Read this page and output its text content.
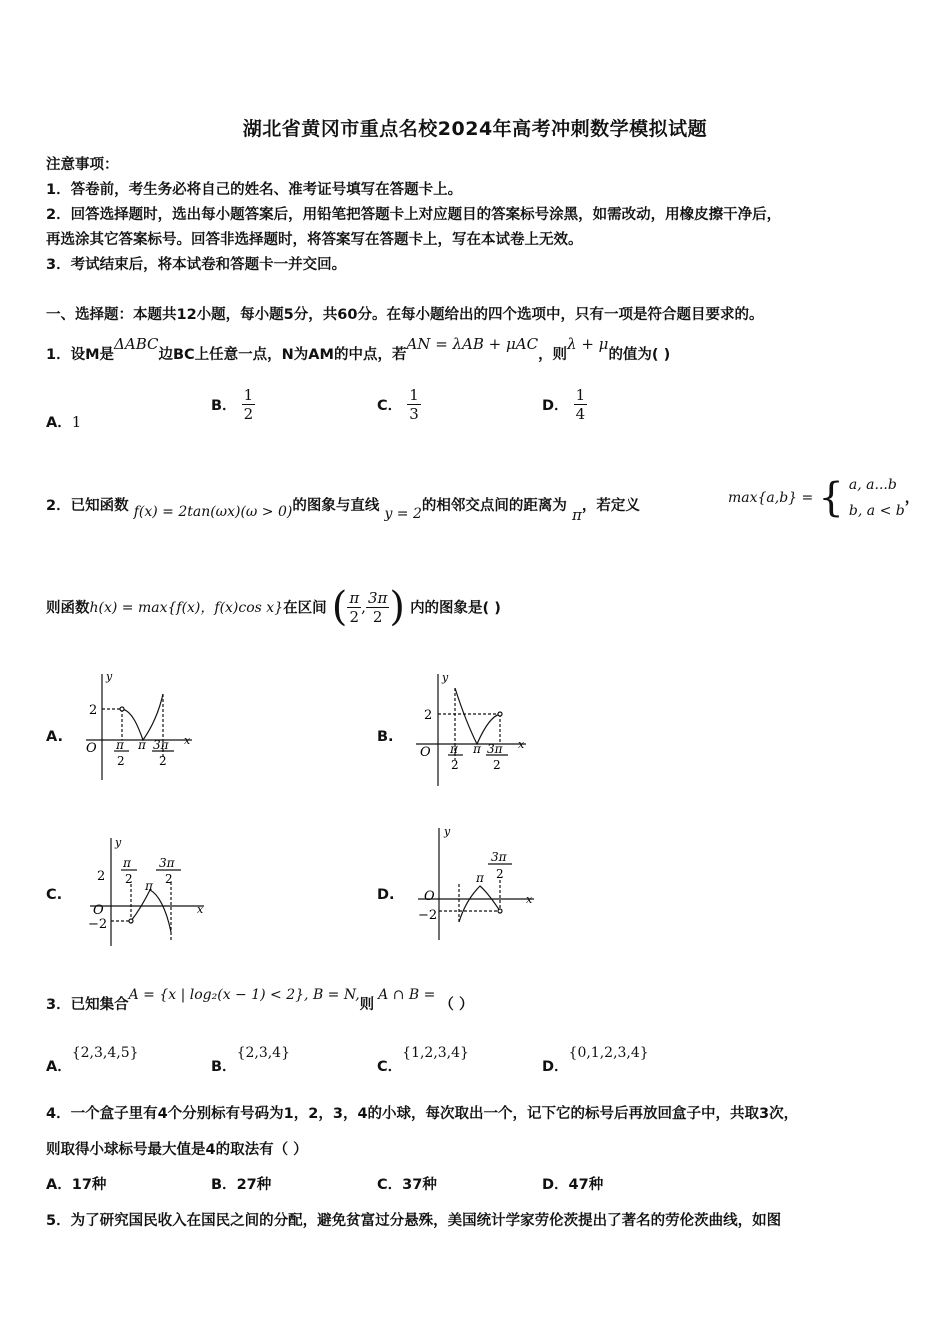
湖北省黄冈市重点名校2024年高考冲刺数学模拟试题
注意事项：
1．答卷前，考生务必将自己的姓名、准考证号填写在答题卡上。
2．回答选择题时，选出每小题答案后，用铅笔把答题卡上对应题目的答案标号涂黑，如需改动，用橡皮擦干净后，
再选涂其它答案标号。回答非选择题时，将答案写在答题卡上，写在本试卷上无效。
3．考试结束后，将本试卷和答题卡一并交回。
一、选择题：本题共12小题，每小题5分，共60分。在每小题给出的四个选项中，只有一项是符合题目要求的。
1．设M是ΔABC边BC上任意一点，N为AM的中点，若AN = λAB + μAC，则λ + μ的值为( )
A．1
B． $\frac{1}{2}$	C． $\frac{1}{3}$	D． $\frac{1}{4}$
2．已知函数 f(x) = 2tan(ωx)(ω > 0)的图象与直线 y = 2的相邻交点间的距离为 π，若定义	max{a,b} = { a, a...b
b, a < b
，
则函数h(x) = max{f(x)，f(x)cos x}在区间 ( $\frac{\pi}{2}$ , $\frac{3\pi}{2}$ ) 内的图象是( )
A.
y
x
O
2
π
2
π 3π
2
B.
y
x
O
2
π
2
π 3π
2
C.
y
x
O
2
−2
π
2 π
3π
2
D.
y
x
O
−2
π
3π
2
3．已知集合A = {x | log₂(x − 1) < 2}, B = N,则A ∩ B =（ ）
A．{2,3,4,5}
B．{2,3,4}
C．{1,2,3,4}
D．{0,1,2,3,4}
4．一个盒子里有4个分别标有号码为1，2，3，4的小球，每次取出一个，记下它的标号后再放回盒子中，共取3次，
则取得小球标号最大值是4的取法有（ ）
A．17种	B．27种	C．37种	D．47种
5．为了研究国民收入在国民之间的分配，避免贫富过分悬殊，美国统计学家劳伦茨提出了著名的劳伦茨曲线，如图
